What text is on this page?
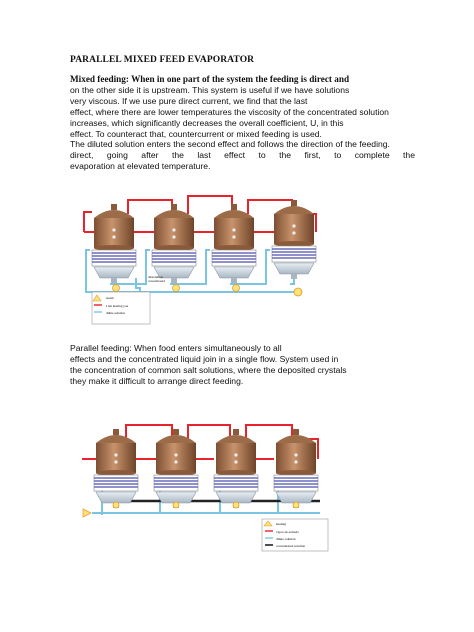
PARALLEL MIXED FEED EVAPORATOR
Mixed feeding: When in one part of the system the feeding is direct and
on the other side it is upstream. This system is useful if we have solutions
very viscous. If we use pure direct current, we find that the last
effect, where there are lower temperatures the viscosity of the concentrated solution
increases, which significantly decreases the overall coefficient, U, in this
effect. To counteract that, countercurrent or mixed feeding is used.
The diluted solution enters the second effect and follows the direction of the feeding.
direct, going after the last effect to the first, to complete the
evaporation at elevated temperature.
dissolution
concentrated
steam
I am heating you
dilute solution
Parallel feeding: When food enters simultaneously to all
effects and the concentrated liquid join in a single flow. System used in
the concentration of common salt solutions, where the deposited crystals
they make it difficult to arrange direct feeding.
heating
vapor de entrada
dilute solution
concentrated solution
